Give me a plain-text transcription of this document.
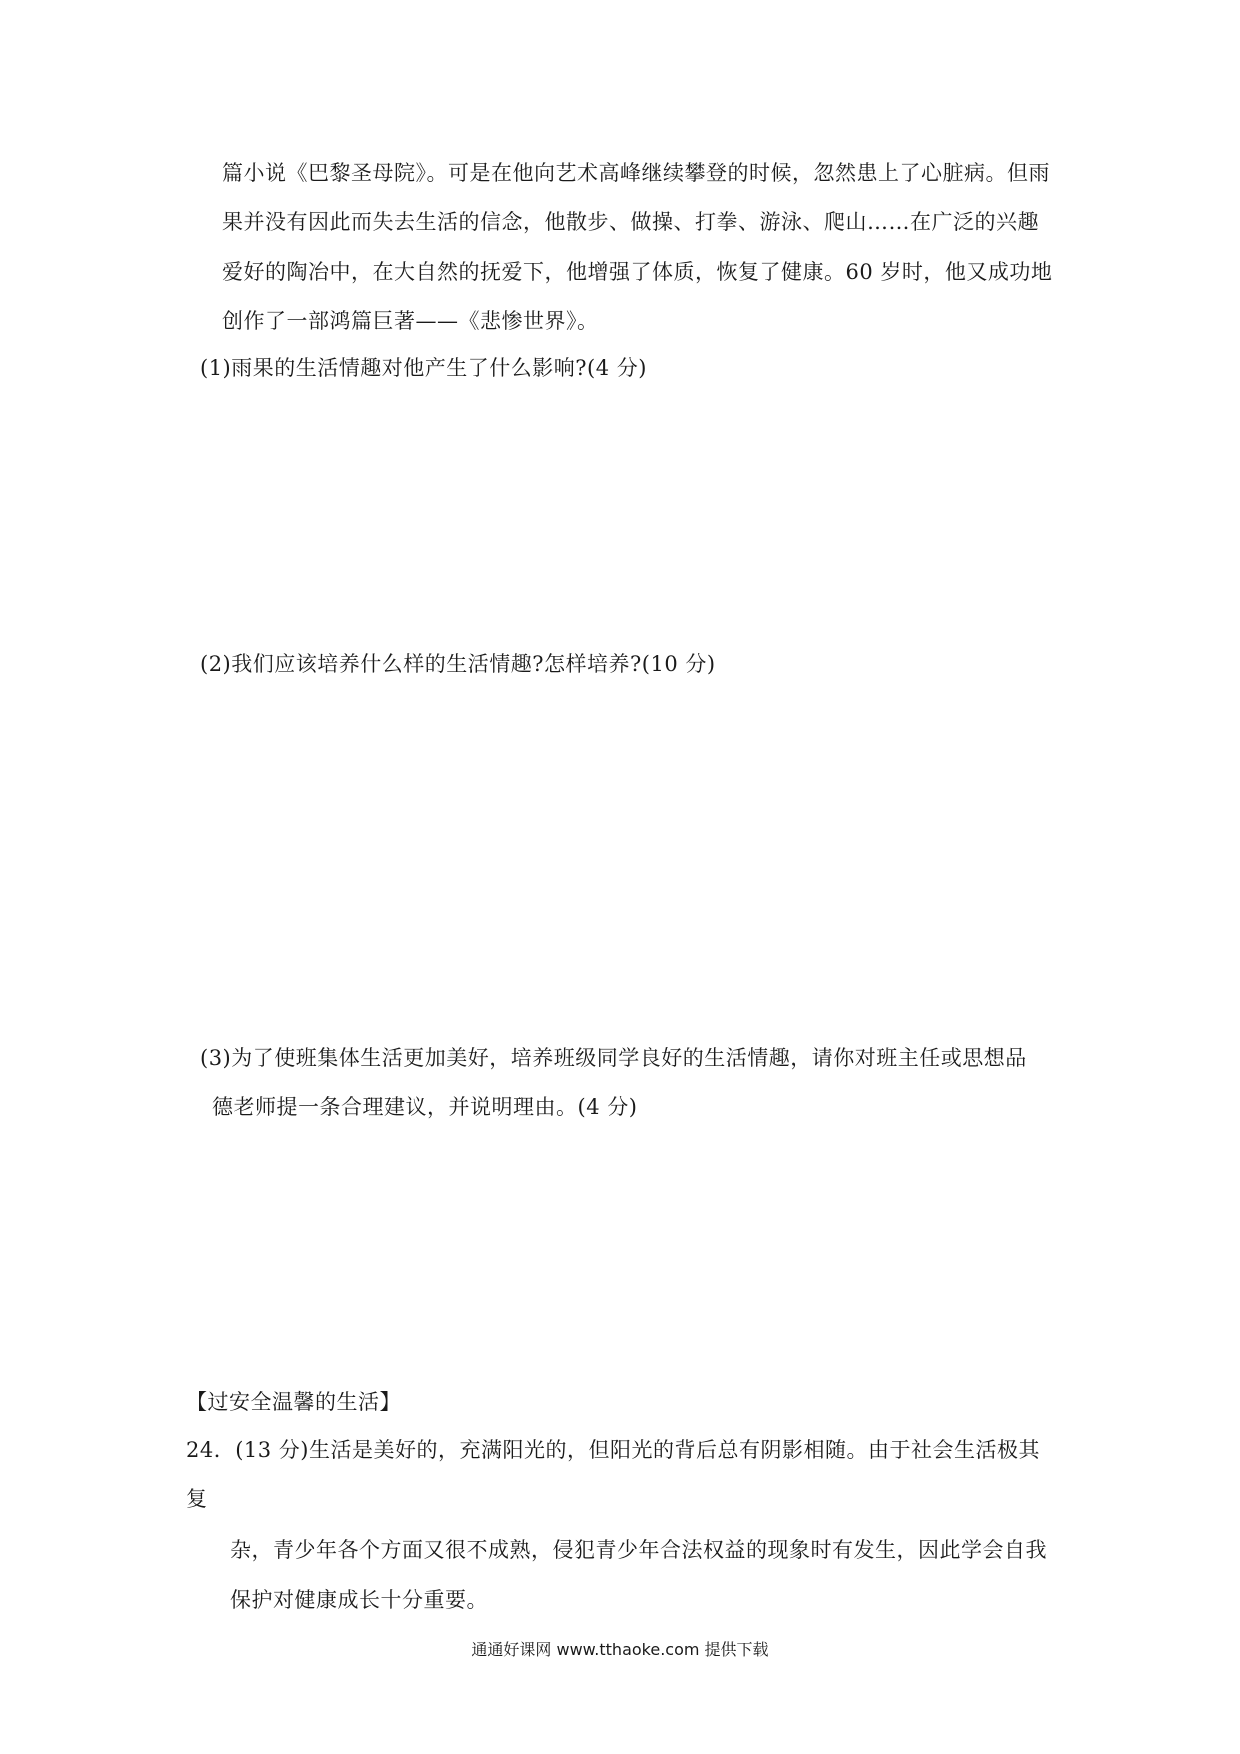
篇小说《巴黎圣母院》。可是在他向艺术高峰继续攀登的时候，忽然患上了心脏病。但雨
果并没有因此而失去生活的信念，他散步、做操、打拳、游泳、爬山……在广泛的兴趣
爱好的陶冶中，在大自然的抚爱下，他增强了体质，恢复了健康。60 岁时，他又成功地
创作了一部鸿篇巨著——《悲惨世界》。
(1)雨果的生活情趣对他产生了什么影响?(4 分)
(2)我们应该培养什么样的生活情趣?怎样培养?(10 分)
(3)为了使班集体生活更加美好，培养班级同学良好的生活情趣，请你对班主任或思想品
德老师提一条合理建议，并说明理由。(4 分)
【过安全温馨的生活】
24．(13 分)生活是美好的，充满阳光的，但阳光的背后总有阴影相随。由于社会生活极其
复
杂，青少年各个方面又很不成熟，侵犯青少年合法权益的现象时有发生，因此学会自我
保护对健康成长十分重要。
通通好课网 www.tthaoke.com 提供下载
